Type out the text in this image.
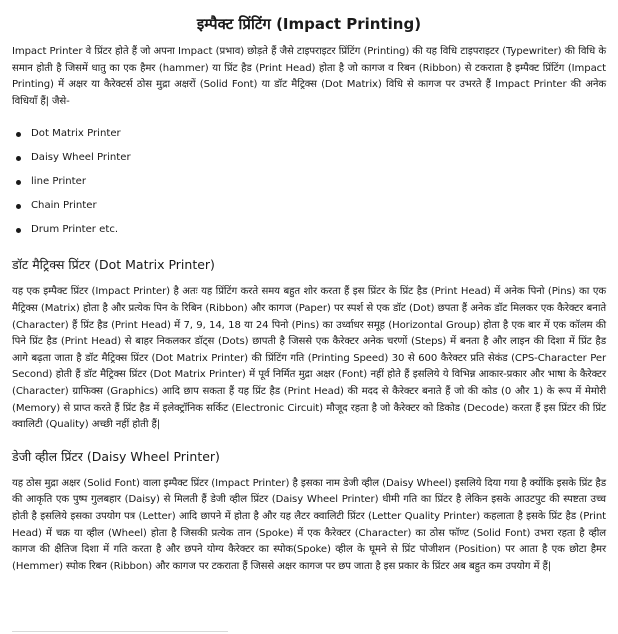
इम्पैक्ट प्रिंटिंग (Impact Printing)

Impact Printer वे प्रिंटर होते हैं जो अपना Impact (प्रभाव) छोड़ते हैं जैसे टाइपराइटर प्रिंटिंग (Printing) की यह विधि टाइपराइटर (Typewriter) की विधि के समान होती है जिसमें धातु का एक हैमर (hammer) या प्रिंट हैड (Print Head) होता है जो कागज व रिबन (Ribbon) से टकराता है इम्पैक्ट प्रिंटिंग (Impact Printing) में अक्षर या कैरेक्टर्स ठोस मुद्रा अक्षरों (Solid Font) या डॉट मैट्रिक्स (Dot Matrix) विधि से कागज पर उभरते हैं Impact Printer की अनेक विधियाँ हैं| जैसे-

Dot Matrix Printer
Daisy Wheel Printer
line Printer
Chain Printer
Drum Printer etc.
डॉट मैट्रिक्स प्रिंटर (Dot Matrix Printer)

यह एक इम्पैक्ट प्रिंटर (Impact Printer) है अतः यह प्रिंटिंग करते समय बहुत शोर करता हैं इस प्रिंटर के प्रिंट हैड (Print Head) में अनेक पिनो (Pins) का एक मैट्रिक्स (Matrix) होता है और प्रत्येक पिन के रिबिन (Ribbon) और कागज (Paper) पर स्पर्श से एक डॉट (Dot) छपता हैं अनेक डॉट मिलकर एक कैरेक्टर बनाते (Character) हैं प्रिंट हैड (Print Head) में 7, 9, 14, 18 या 24 पिनो (Pins) का उर्ध्वाधर समूह (Horizontal Group) होता है एक बार में एक कॉलम की पिने प्रिंट हैड (Print Head) से बाहर निकलकर डॉट्स (Dots) छापती है जिससे एक कैरेक्टर अनेक चरणों (Steps) में बनता है और लाइन की दिशा में प्रिंट हैड आगे बढ़ता जाता है डॉट मैट्रिक्स प्रिंटर (Dot Matrix Printer) की प्रिंटिंग गति (Printing Speed) 30 से 600 कैरेक्टर प्रति सेकंड (CPS-Character Per Second) होती हैं डॉट मैट्रिक्स प्रिंटर (Dot Matrix Printer) में पूर्व निर्मित मुद्रा अक्षर (Font) नहीं होते हैं इसलिये ये विभिन्न आकार-प्रकार और भाषा के कैरेक्टर (Character) ग्राफिक्स (Graphics) आदि छाप सकता हैं यह प्रिंट हैड (Print Head) की मदद से कैरेक्टर बनाते हैं जो की कोड (0 और 1) के रूप में मेमोरी (Memory) से प्राप्त करते हैं प्रिंट हैड में इलेक्ट्रॉनिक सर्किट (Electronic Circuit) मौजूद रहता है जो कैरेक्टर को डिकोड (Decode) करता हैं इस प्रिंटर की प्रिंट क्वालिटी (Quality) अच्छी नहीं होती हैं|

डेजी व्हील प्रिंटर (Daisy Wheel Printer)

यह ठोस मुद्रा अक्षर (Solid Font) वाला इम्पैक्ट प्रिंटर (Impact Printer) है इसका नाम डेजी व्हील (Daisy Wheel) इसलिये दिया गया है क्योंकि इसके प्रिंट हैड की आकृति एक पुष्प गुलबहार (Daisy) से मिलती हैं डेजी व्हील प्रिंटर (Daisy Wheel Printer) धीमी गति का प्रिंटर है लेकिन इसके आउटपुट की स्पष्टता उच्च होती है इसलिये इसका उपयोग पत्र (Letter) आदि छापने में होता है और यह लैटर क्वालिटी प्रिंटर (Letter Quality Printer) कहलाता है इसके प्रिंट हैड (Print Head) में चक्र या व्हील (Wheel) होता है जिसकी प्रत्येक तान (Spoke) में एक कैरेक्टर (Character) का ठोस फॉण्ट (Solid Font) उभरा रहता है व्हील कागज की क्षैतिज दिशा में गति करता है और छपने योग्य कैरेक्टर का स्पोक(Spoke) व्हील के घूमने से प्रिंट पोजीशन (Position) पर आता है एक छोटा हैमर (Hemmer) स्पोक रिबन (Ribbon) और कागज पर टकराता हैं जिससे अक्षर कागज पर छप जाता है इस प्रकार के प्रिंटर अब बहुत कम उपयोग में हैं|
